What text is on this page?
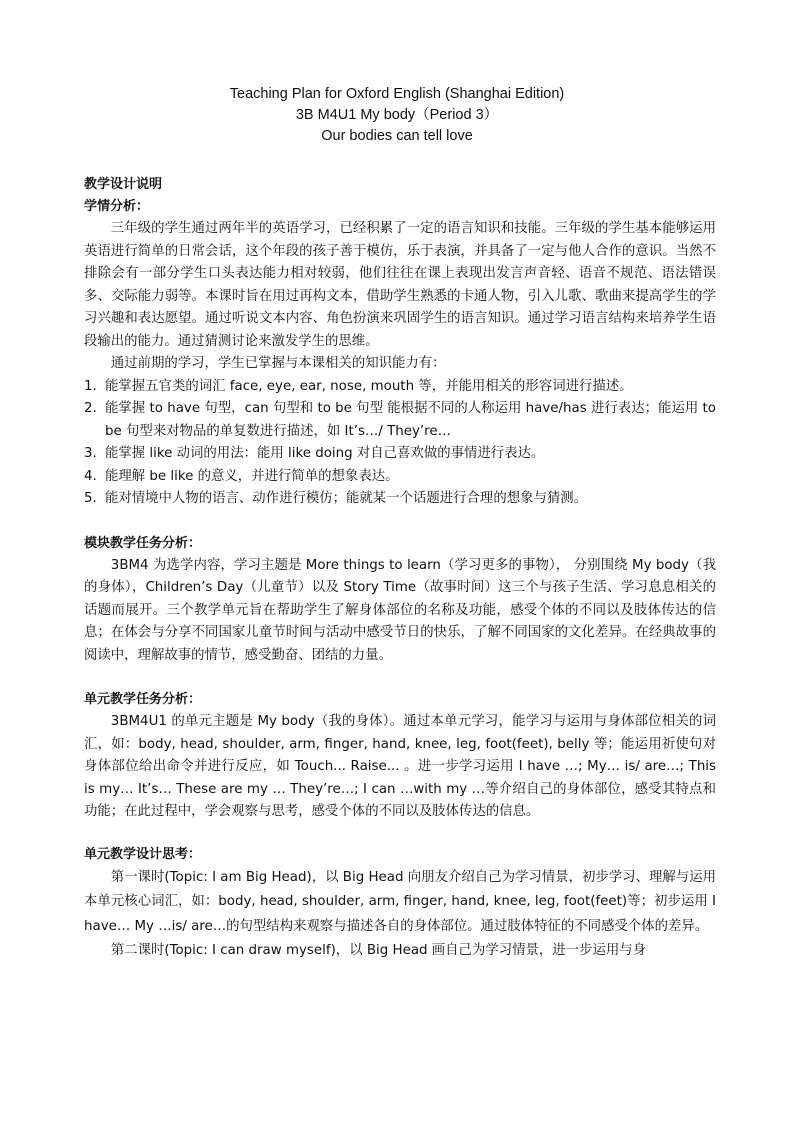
Teaching Plan for Oxford English (Shanghai Edition)
3B M4U1 My body（Period 3）
Our bodies can tell love

教学设计说明

学情分析：

三年级的学生通过两年半的英语学习，已经积累了一定的语言知识和技能。三年级的学生基本能够运用英语进行简单的日常会话，这个年段的孩子善于模仿，乐于表演，并具备了一定与他人合作的意识。当然不排除会有一部分学生口头表达能力相对较弱，他们往往在课上表现出发言声音轻、语音不规范、语法错误多、交际能力弱等。本课时旨在用过再构文本，借助学生熟悉的卡通人物，引入儿歌、歌曲来提高学生的学习兴趣和表达愿望。通过听说文本内容、角色扮演来巩固学生的语言知识。通过学习语言结构来培养学生语段输出的能力。通过猜测讨论来激发学生的思维。

通过前期的学习，学生已掌握与本课相关的知识能力有：

1. 能掌握五官类的词汇 face, eye, ear, nose, mouth 等，并能用相关的形容词进行描述。
2. 能掌握 to have 句型，can 句型和 to be 句型 能根据不同的人称运用 have/has 进行表达；能运用 to be 句型来对物品的单复数进行描述，如 It’s…/ They’re…
3. 能掌握 like 动词的用法：能用 like doing 对自己喜欢做的事情进行表达。
4. 能理解 be like 的意义，并进行简单的想象表达。
5. 能对情境中人物的语言、动作进行模仿；能就某一个话题进行合理的想象与猜测。

模块教学任务分析：

3BM4 为选学内容，学习主题是 More things to learn（学习更多的事物）， 分别围绕 My body（我的身体），Children’s Day（儿童节）以及 Story Time（故事时间）这三个与孩子生活、学习息息相关的话题而展开。三个教学单元旨在帮助学生了解身体部位的名称及功能，感受个体的不同以及肢体传达的信息；在体会与分享不同国家儿童节时间与活动中感受节日的快乐，了解不同国家的文化差异。在经典故事的阅读中，理解故事的情节，感受勤奋、团结的力量。

单元教学任务分析：

3BM4U1 的单元主题是 My body（我的身体）。通过本单元学习，能学习与运用与身体部位相关的词汇，如：body, head, shoulder, arm, finger, hand, knee, leg, foot(feet), belly 等；能运用祈使句对身体部位给出命令并进行反应，如 Touch... Raise... 。进一步学习运用 I have …; My… is/ are…; This is my… It’s… These are my … They’re…; I can …with my …等介绍自己的身体部位，感受其特点和功能；在此过程中，学会观察与思考，感受个体的不同以及肢体传达的信息。

单元教学设计思考：

第一课时(Topic: I am Big Head)，以 Big Head 向朋友介绍自己为学习情景，初步学习、理解与运用本单元核心词汇，如：body, head, shoulder, arm, finger, hand, knee, leg, foot(feet)等；初步运用 I have… My …is/ are…的句型结构来观察与描述各自的身体部位。通过肢体特征的不同感受个体的差异。

第二课时(Topic: I can draw myself)，以 Big Head 画自己为学习情景，进一步运用与身
